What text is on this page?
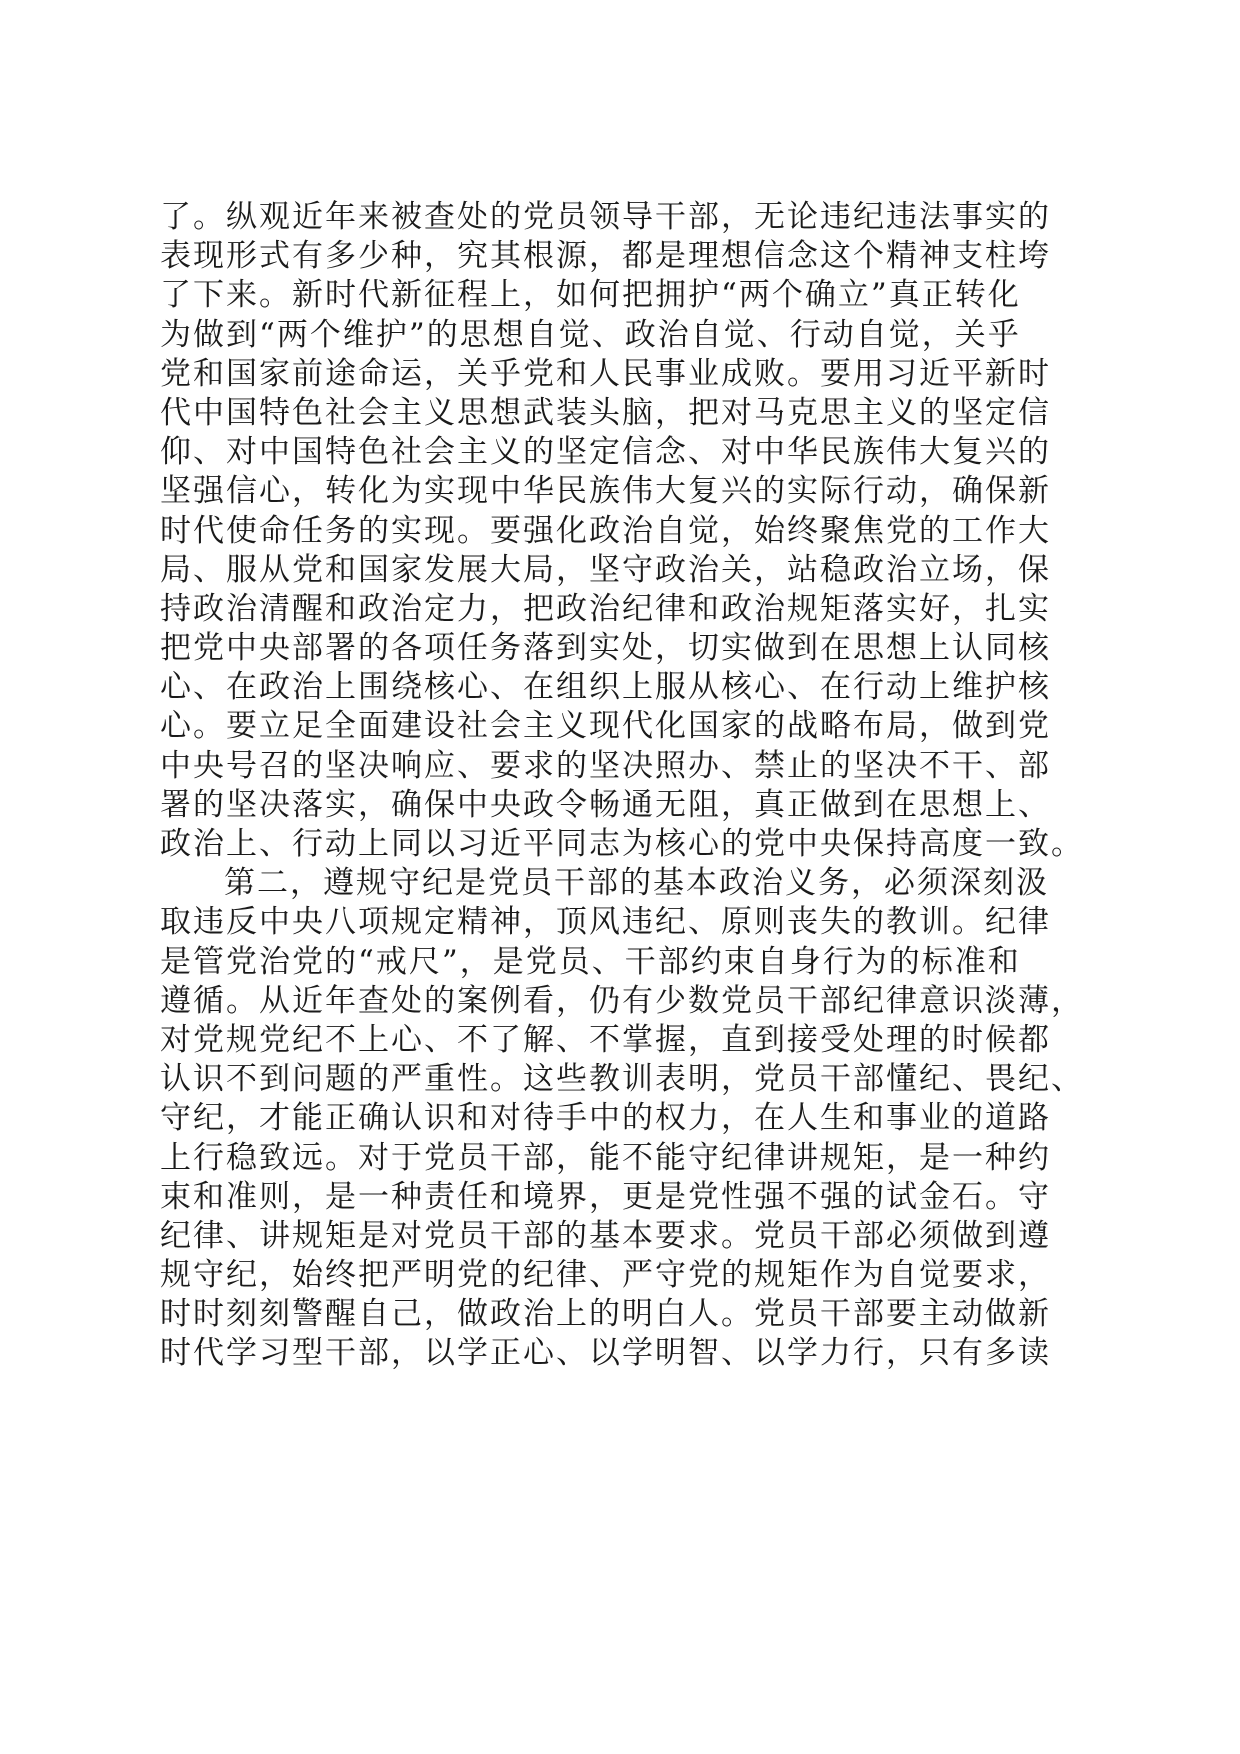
了。纵观近年来被查处的党员领导干部，无论违纪违法事实的
表现形式有多少种，究其根源，都是理想信念这个精神支柱垮
了下来。新时代新征程上，如何把拥护“两个确立”真正转化
为做到“两个维护”的思想自觉、政治自觉、行动自觉，关乎
党和国家前途命运，关乎党和人民事业成败。要用习近平新时
代中国特色社会主义思想武装头脑，把对马克思主义的坚定信
仰、对中国特色社会主义的坚定信念、对中华民族伟大复兴的
坚强信心，转化为实现中华民族伟大复兴的实际行动，确保新
时代使命任务的实现。要强化政治自觉，始终聚焦党的工作大
局、服从党和国家发展大局，坚守政治关，站稳政治立场，保
持政治清醒和政治定力，把政治纪律和政治规矩落实好，扎实
把党中央部署的各项任务落到实处，切实做到在思想上认同核
心、在政治上围绕核心、在组织上服从核心、在行动上维护核
心。要立足全面建设社会主义现代化国家的战略布局，做到党
中央号召的坚决响应、要求的坚决照办、禁止的坚决不干、部
署的坚决落实，确保中央政令畅通无阻，真正做到在思想上、
政治上、行动上同以习近平同志为核心的党中央保持高度一致。
第二，遵规守纪是党员干部的基本政治义务，必须深刻汲
取违反中央八项规定精神，顶风违纪、原则丧失的教训。纪律
是管党治党的“戒尺”，是党员、干部约束自身行为的标准和
遵循。从近年查处的案例看，仍有少数党员干部纪律意识淡薄，
对党规党纪不上心、不了解、不掌握，直到接受处理的时候都
认识不到问题的严重性。这些教训表明，党员干部懂纪、畏纪、
守纪，才能正确认识和对待手中的权力，在人生和事业的道路
上行稳致远。对于党员干部，能不能守纪律讲规矩，是一种约
束和准则，是一种责任和境界，更是党性强不强的试金石。守
纪律、讲规矩是对党员干部的基本要求。党员干部必须做到遵
规守纪，始终把严明党的纪律、严守党的规矩作为自觉要求，
时时刻刻警醒自己，做政治上的明白人。党员干部要主动做新
时代学习型干部，以学正心、以学明智、以学力行，只有多读
